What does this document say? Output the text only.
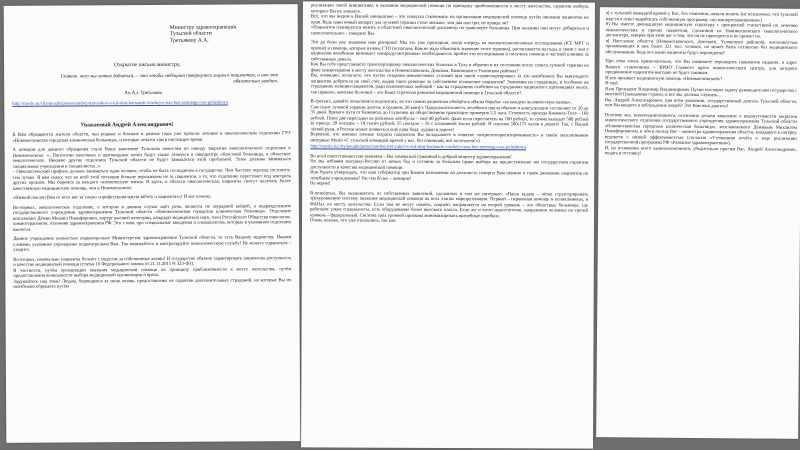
Министру здравоохранения
Тульской области
Третьякову А.А.
Открытое письмо министру.
Главное, чего мы хотим добиться, – это чтобы медицина повернулась лицом к пациентам, и оно это обязательно увидит.
Ан.Ал. Третьяков
http://myslo.ru/city/people/person/andrej-tret-yakov-o-tul-skoj-komande-vrachej-o-nas-bez-nemnogo-vse-polushinya
Уважаемый Андрей Александрович!

К Вам обращаются жители области, чьи родные и близкие в разные годы уже прошли лечение в онкологическом отделении ГУЗ «Новомосковская городская клиническая больница», и которые лечатся там в настоящее время.

А поводом для данного обращения стало Ваше заявление Тульским новостям по поводу закрытия онкологического отделения в Новомосковске: «...Патологии молочных и щитовидных желез будут также лечиться в онкоцентре областной больницы, а областное онкологическое. Никакие другие отделения Тульской области не будут замыкаться этой проблемой. Этим должны заниматься специальные учреждения и специалисты...»

– Онкологический профиль должен заниматься один человек, чтобы не быть господином в государстве. Чем быстрее переход состоится, тем лучше. Я вам скажу, что во всей этой ситуации больше переживаем не за пациентов, а то, что отделение перестанет под контроль других органов. Мы боремся за каждого человеческую жизнь. Я здесь, в области онкологическая, пациенты смогут получать более качественную медицинскую помощь, чем в Новомосковске.

«Низкий поклон Вам от всех нас за такую «профессиональную заботу о пациентах»! И вот почему.

Во-первых, онкологическое отделение, о котором в данном случае идёт речь, является не заурядной койкой, а подразделением государственного учреждения здравоохранения Тульской области «Новомосковская городская клиническая больница». Отделение возглавляет Дёмин Михаил Никифорович, хирург высшей категории, кандидат медицинских наук, член Российского Общества онкологов-химиотерапевтов, отличник здравоохранения РФ. Это с ним, про специальные заведения и специалистов, которые в указанном отделении имеются.

Данное учреждение полностью подконтрольно Министерству здравоохранения Тульской области, то есть Вашему ведомству. Иными словами, указанное учреждение подконтрольно Вам. Так занимайтесь и контролируйте онкологическую службу! Не можете справиться – уходите.

Во-вторых, изначально пациенты болеют с недугом за собственные жизни! И государство обязано гарантировать пациентам доступность и качество медицинской помощи (статья 10 Федерального закона от 21.11.2011 N 323-ФЗ).

В частности, путём организации оказания медицинской помощи по принципу приближённости к месту жительства, путём предоставления возможности выбора медицинской организации и врача.

Задумайтесь над этим! Людям, борющимся за свою жизнь, предоставлены не гарантии дополнительных страданий, на которые Вы их неизбежно обрекаете путём

реализации своей инициативы, в оказании медицинской помощи по принципу приближённости к месту жительства, гарантии выбора, которого Вы их лишаете.

Всё, что мы видим в Вашей инициативе – это попытка сэкономить на организации медицинской помощи путём лишения пациентов их прав. Ведь один новый аппарат для лучевой терапии стоит меньше, чем два или три, не правда ли?

«Пациентов планируется возить в областной онкологический диспансер на транспорте больницы. При желании они могут добираться и самостоятельно» - говорите Вы.

Это до боли уже знакомая нам риторика! Мы это уже проходили, когда очередь на высокотехнологичные исследования (КТ, МРТ и прочие) и помощь, которые нужны СТО (полагаем, Вам не надо объяснять значение этого термина), растягивается на годы, в связи с чем у пациентов неизбежно возникает «непредусмотренная» необходимость пройти эти исследования и получить помощь в частной клинике за собственные деньги.

Как Вы себе представляете транспортировку онкологических больных в Тулу и обратно в их состоянии после сеанса лучевой терапии на фоне химиотерапии к месту жительства в Новомосковском, Донском, Кимовском и Узловском районах?

Вы, очевидно, полагаете, что путём создания невыносимых условий при такой «транспортировке» (а это неизбежно) Вы вынуждаете пациентов добраться на свой счёт, выдав такое решение за собственное положение пациентов? Экономия на страданиях, и особенно на страданиях женщин-пациентов, ради полномочных амбиций – как на страданиях особенно на страданиях пациентов с щитовидных желез, так правило, женские болезни) – это Ваша стратегия развития медицинской помощи в Тульской области?

В-третьих, давайте попытаемся подсчитать, во что самим пациентам обойдётся «Ваша борьба» «за каждую человеческую жизнь».

Сам сеанс лучевой терапии длится, в среднем, 20 минут. Продолжительность лечебного цикла обычно и консультации составляет от 20 до 35 дней. Время в пути от Кимовска до Глушенко на общественном транспорте примерно 2,5 часа. Стоимость проезда Кимовск-Тула – 160 рублей. Плюс две пересадки на рейсовых автобусах – ещё 40 рублей. Даже если пересчитать на 100 рублей, то сумма выходит 500 рублей за проезд. 20 поездок – 10 тысяч рублей, 35 поездок – 16 с половиной тысяч рублей. И плюсом 100-175 часов в дороге! Так, с Вашей лёгкой руки, в России может появиться ещё одна беда: дураки в дороге!

Вероятно, что именно личные затраты пациентов Вы вкладываете в понятие «пациентоориентированность» в своём эксклюзивном интервью Myslo «С тульской командой врачей у нас, без сомнений, всё получится!»)

http://myslo.ru/city/people/person/andrej-tret-yakov-o-tul-skoj-komande-vrachej-o-nas-bez-nemnogo-vse-polushinya

Во всей ответственностью заявляем – Вы хамоватый гуманный и добрый министр здравоохранения!

Но мы избавим матушку-Россию от новых бед и оставим за больным право выбора на предоставление им государством гарантии доступности и качества медицинской помощи.

Или будете утверждать, что наш губернатор при Вашем назначении на должность говорил Вам именно о таком движении пациентов по лечебным учреждениям? Уж тем более – женщин?

Не верим!

В-четвёртых, Вы оказываетесь от собственных заявлений, сделанных в том же интервью: «Наша задача – чётко структурировать трёхуровневую систему оказания медицинской помощи на всех этапах маршрутизации. Первый – первичная помощь в поликлиниках, в ФАПах по месту жительства. Если там не могут помочь, пациент направляется на второй уровень – это областные больницы, где работают узкие специалисты, есть оборудование более высокого класса. Если же и этого недостаточно, направляем человека на третий уровень – федеральный. Система трёх уровней призвана минимизировать врачебные ошибки».

Очень похоже, что уже отказались, так как:

а) с тульской командой врачей у Вас, без сомнения, начали менять (не исключено, что тульской власти в ответ выработать собственную программу «по импортозамещению»)

б) Вы имеете двенадцатую медицинскую структуру с прекрасной статистикой по лечению онкологических и прочих пациентов, сделанной из Новомосковского онкологического диспансера, заверяя при этом нас о том, что он не пригодится и не примут их.

в) Население области (Новомосковского, Донского, Узловского районов), численностью проживающих в них более 321 тыс. человек, не может быть оставлено без медицинского обслуживания. Ведь все наши пациенты будут переведены?

При этом очень примечательно, что Вы начинаете переводить пациентов недавно, в адрес Вашего ставленника – ВРИО Главного врача онкологического центра, для которого продвижение пациентов выгодно не будет таковым.

И кто признает медицинскую помощь «Новомосковской»?

И ещё.

Наш Президент Владимир Владимирович Путин поставил задачу руководителям государства с миссией Гражданина страны, и все мы должны служить...

Вы, Андрей Александрович, при всём уважении, государственный деятель Тульской области, чем Вы вводите в заблуждение людей? Это Вам наш диагноз!

Поэтому мы, нижеподписавшиеся, осознанно делаем заявление о недопустимости закрытия онкологического отделения государственного учреждения здравоохранения Тульской области «Новомосковская городская клиническая больница», возглавляемого Дёминым Михаилом Никифоровичем, в чём в пользу Вас – министра здравоохранения области, входящего в пятёрку ведомств с низкой эффективностью (согласно «Уточнению отчёта о ходе реализации государственной программы РФ «Развитие здравоохранения»).

И, на основании всего вышеизложенного, убедительно просим Вас, Андрей Александрович, подать в отставку!
